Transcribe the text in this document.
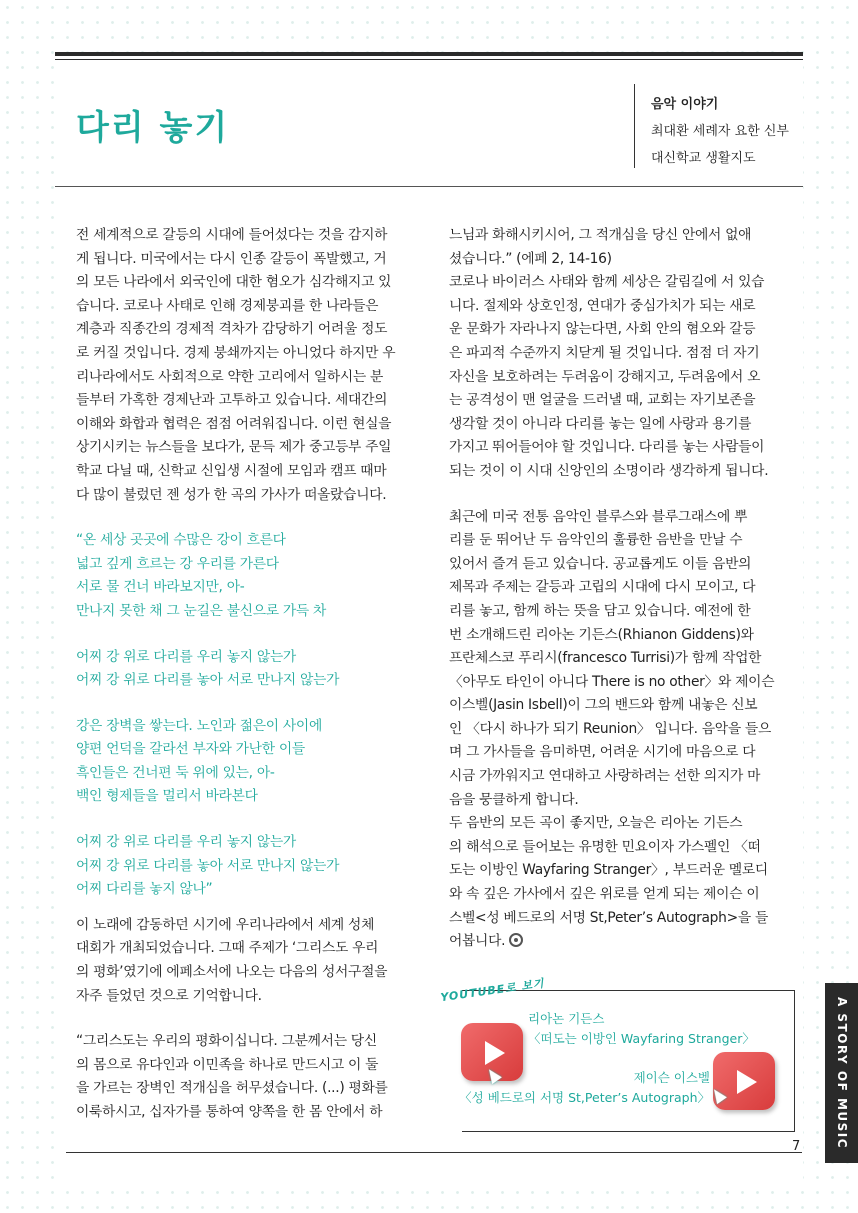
다리 놓기
음악 이야기
최대환 세례자 요한 신부
대신학교 생활지도

전 세계적으로 갈등의 시대에 들어섰다는 것을 감지하

게 됩니다. 미국에서는 다시 인종 갈등이 폭발했고, 거

의 모든 나라에서 외국인에 대한 혐오가 심각해지고 있

습니다. 코로나 사태로 인해 경제붕괴를 한 나라들은

계층과 직종간의 경제적 격차가 감당하기 어려울 정도

로 커질 것입니다. 경제 붕쇄까지는 아니었다 하지만 우

리나라에서도 사회적으로 약한 고리에서 일하시는 분

들부터 가혹한 경제난과 고투하고 있습니다. 세대간의

이해와 화합과 협력은 점점 어려워집니다. 이런 현실을

상기시키는 뉴스들을 보다가, 문득 제가 중고등부 주일

학교 다닐 때, 신학교 신입생 시절에 모임과 캠프 때마

다 많이 불렀던 젠 성가 한 곡의 가사가 떠올랐습니다.

“온 세상 곳곳에 수많은 강이 흐른다

넓고 깊게 흐르는 강 우리를 가른다

서로 물 건너 바라보지만, 아-

만나지 못한 채 그 눈길은 불신으로 가득 차

어찌 강 위로 다리를 우리 놓지 않는가

어찌 강 위로 다리를 놓아 서로 만나지 않는가

강은 장벽을 쌓는다. 노인과 젊은이 사이에

양편 언덕을 갈라선 부자와 가난한 이들

흑인들은 건너편 둑 위에 있는, 아-

백인 형제들을 멀리서 바라본다

어찌 강 위로 다리를 우리 놓지 않는가

어찌 강 위로 다리를 놓아 서로 만나지 않는가

어찌 다리를 놓지 않나”

이 노래에 감동하던 시기에 우리나라에서 세계 성체

대회가 개최되었습니다. 그때 주제가 ‘그리스도 우리

의 평화’였기에 에페소서에 나오는 다음의 성서구절을

자주 들었던 것으로 기억합니다.

“그리스도는 우리의 평화이십니다. 그분께서는 당신

의 몸으로 유다인과 이민족을 하나로 만드시고 이 둘

을 가르는 장벽인 적개심을 허무셨습니다. (...) 평화를

이룩하시고, 십자가를 통하여 양쪽을 한 몸 안에서 하

느님과 화해시키시어, 그 적개심을 당신 안에서 없애

셨습니다.” (에페 2, 14-16)

코로나 바이러스 사태와 함께 세상은 갈림길에 서 있습

니다. 절제와 상호인정, 연대가 중심가치가 되는 새로

운 문화가 자라나지 않는다면, 사회 안의 혐오와 갈등

은 파괴적 수준까지 치닫게 될 것입니다. 점점 더 자기

자신을 보호하려는 두려움이 강해지고, 두려움에서 오

는 공격성이 맨 얼굴을 드러낼 때, 교회는 자기보존을

생각할 것이 아니라 다리를 놓는 일에 사랑과 용기를

가지고 뛰어들어야 할 것입니다. 다리를 놓는 사람들이

되는 것이 이 시대 신앙인의 소명이라 생각하게 됩니다.

최근에 미국 전통 음악인 블루스와 블루그래스에 뿌

리를 둔 뛰어난 두 음악인의 훌륭한 음반을 만날 수

있어서 즐겨 듣고 있습니다. 공교롭게도 이들 음반의

제목과 주제는 갈등과 고립의 시대에 다시 모이고, 다

리를 놓고, 함께 하는 뜻을 담고 있습니다. 예전에 한

번 소개해드린 리아논 기든스(Rhianon Giddens)와

프란체스코 푸리시(francesco Turrisi)가 함께 작업한

〈아무도 타인이 아니다 There is no other〉와 제이슨

이스벨(Jasin Isbell)이 그의 밴드와 함께 내놓은 신보

인 〈다시 하나가 되기 Reunion〉 입니다. 음악을 들으

며 그 가사들을 음미하면, 어려운 시기에 마음으로 다

시금 가까워지고 연대하고 사랑하려는 선한 의지가 마

음을 뭉클하게 합니다.

두 음반의 모든 곡이 좋지만, 오늘은 리아논 기든스

의 해석으로 들어보는 유명한 민요이자 가스펠인 〈떠

도는 이방인 Wayfaring Stranger〉, 부드러운 멜로디

와 속 깊은 가사에서 깊은 위로를 얻게 되는 제이슨 이

스벨<성 베드로의 서명 St,Peter’s Autograph>을 들

어봅니다.

YOUTUBE로 보기
리아논 기든스
〈떠도는 이방인 Wayfaring Stranger〉
제이슨 이스벨
〈성 베드로의 서명 St,Peter’s Autograph〉	A STORY OF MUSIC
7
